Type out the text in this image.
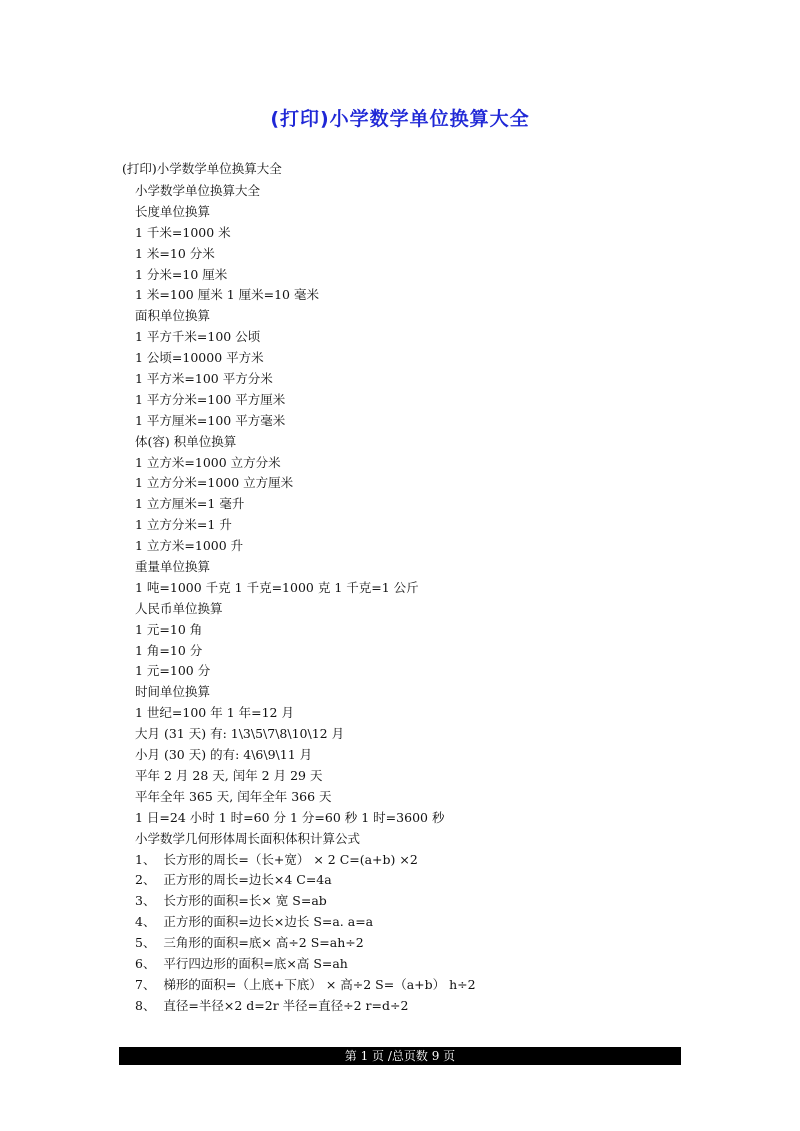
(打印)小学数学单位换算大全
(打印)小学数学单位换算大全
小学数学单位换算大全
长度单位换算
1 千米=1000 米
1 米=10 分米
1 分米=10 厘米
1 米=100 厘米 1 厘米=10 毫米
面积单位换算
1 平方千米=100 公顷
1 公顷=10000 平方米
1 平方米=100 平方分米
1 平方分米=100 平方厘米
1 平方厘米=100 平方毫米
体(容) 积单位换算
1 立方米=1000 立方分米
1 立方分米=1000 立方厘米
1 立方厘米=1 毫升
1 立方分米=1 升
1 立方米=1000 升
重量单位换算
1 吨=1000 千克 1 千克=1000 克 1 千克=1 公斤
人民币单位换算
1 元=10 角
1 角=10 分
1 元=100 分
时间单位换算
1 世纪=100 年 1 年=12 月
大月 (31 天) 有: 1\3\5\7\8\10\12 月
小月 (30 天) 的有: 4\6\9\11 月
平年 2 月 28 天, 闰年 2 月 29 天
平年全年 365 天, 闰年全年 366 天
1 日=24 小时 1 时=60 分 1 分=60 秒 1 时=3600 秒
小学数学几何形体周长面积体积计算公式
1、  长方形的周长=（长+宽） × 2 C=(a+b) ×2
2、  正方形的周长=边长×4 C=4a
3、  长方形的面积=长× 宽 S=ab
4、  正方形的面积=边长×边长 S=a. a=a
5、  三角形的面积=底× 高÷2 S=ah÷2
6、  平行四边形的面积=底×高 S=ah
7、  梯形的面积=（上底+下底） × 高÷2 S=（a+b） h÷2
8、  直径=半径×2 d=2r 半径=直径÷2 r=d÷2
第 1 页 /总页数 9 页
